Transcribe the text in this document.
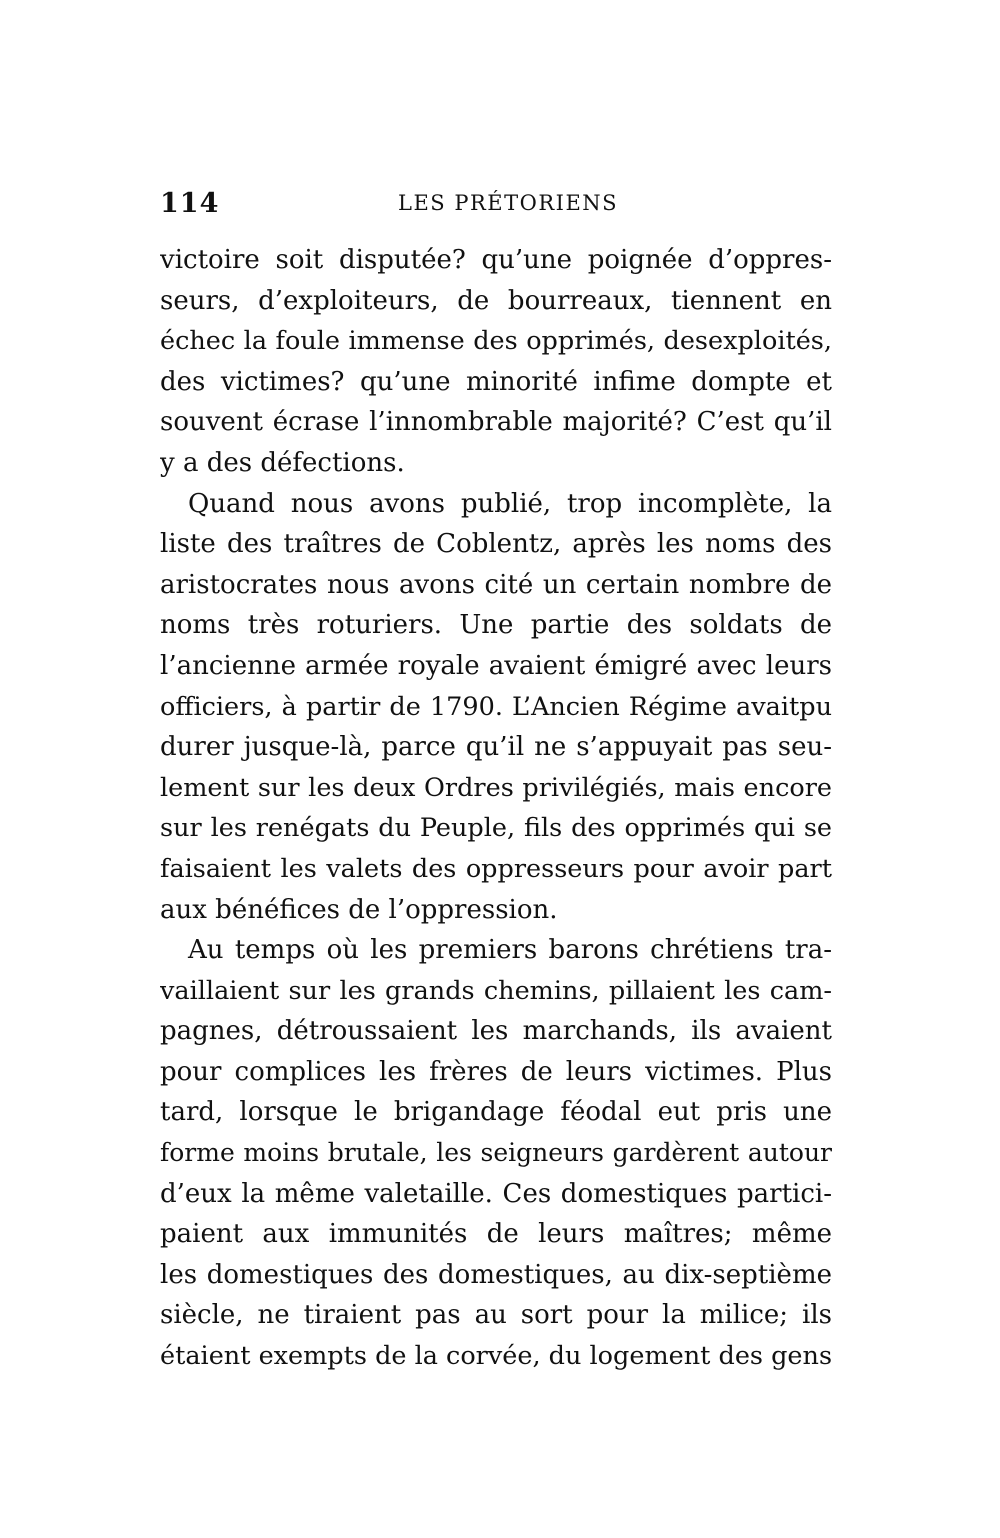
114	LES PRÉTORIENS
victoire soit disputée? qu’une poignée d’oppres-
seurs, d’exploiteurs, de bourreaux, tiennent en
échec la foule immense des opprimés, desexploités,
des victimes? qu’une minorité infime dompte et
souvent écrase l’innombrable majorité? C’est qu’il
y a des défections.
Quand nous avons publié, trop incomplète, la
liste des traîtres de Coblentz, après les noms des
aristocrates nous avons cité un certain nombre de
noms très roturiers. Une partie des soldats de
l’ancienne armée royale avaient émigré avec leurs
officiers, à partir de 1790. L’Ancien Régime avaitpu
durer jusque-là, parce qu’il ne s’appuyait pas seu-
lement sur les deux Ordres privilégiés, mais encore
sur les renégats du Peuple, fils des opprimés qui se
faisaient les valets des oppresseurs pour avoir part
aux bénéfices de l’oppression.
Au temps où les premiers barons chrétiens tra-
vaillaient sur les grands chemins, pillaient les cam-
pagnes, détroussaient les marchands, ils avaient
pour complices les frères de leurs victimes. Plus
tard, lorsque le brigandage féodal eut pris une
forme moins brutale, les seigneurs gardèrent autour
d’eux la même valetaille. Ces domestiques partici-
paient aux immunités de leurs maîtres; même
les domestiques des domestiques, au dix-septième
siècle, ne tiraient pas au sort pour la milice; ils
étaient exempts de la corvée, du logement des gens
